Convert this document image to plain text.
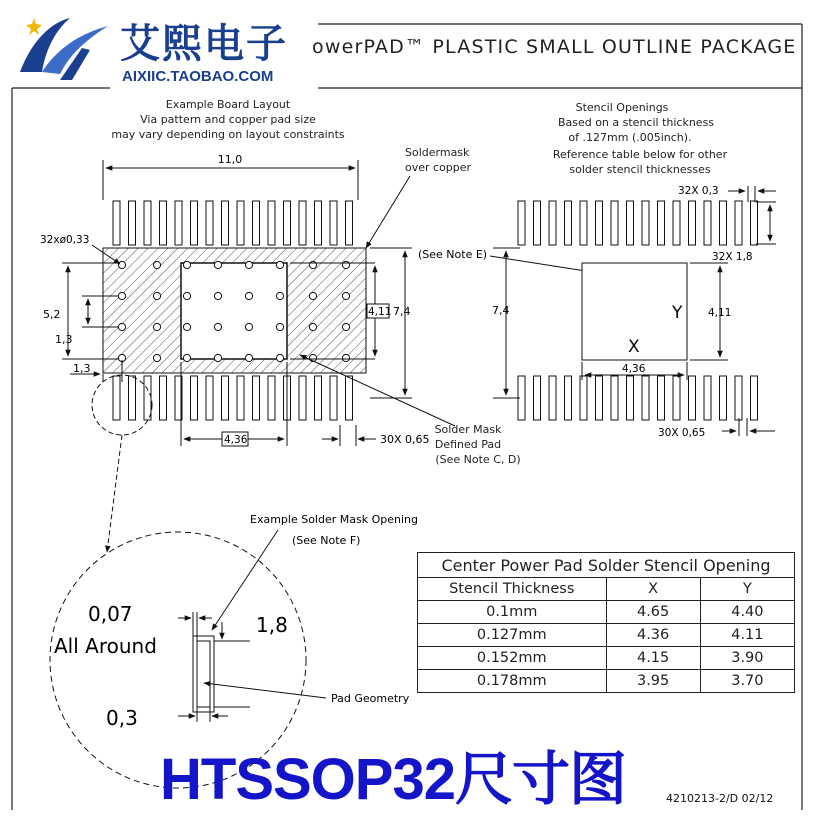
艾熙电子
AIXIIC.TAOBAO.COM
owerPAD™ PLASTIC SMALL OUTLINE PACKAGE
Example Board Layout
Via pattern and copper pad size
may vary depending on layout constraints
Soldermask
over copper
11,0
32xø0,33
5,2
1,3
1,3
4,11 7,4
4,36	30X 0,65
Solder Mask
Defined Pad
(See Note C, D)
Stencil Openings
Based on a stencil thickness
of .127mm (.005inch).
Reference table below for other
solder stencil thicknesses
32X 0,3
32X 1,8
(See Note E)
Y
X
7,4	4,11
4,36
30X 0,65
Example Solder Mask Opening
(See Note F)
0,07
All Around
1,8
0,3
Pad Geometry
Center Power Pad Solder Stencil Opening		
Stencil Thickness	X	Y
0.1mm	4.65	4.40
0.127mm	4.36	4.11
0.152mm	4.15	3.90
0.178mm	3.95	3.70
HTSSOP32尺寸图	4210213-2/D 02/12
